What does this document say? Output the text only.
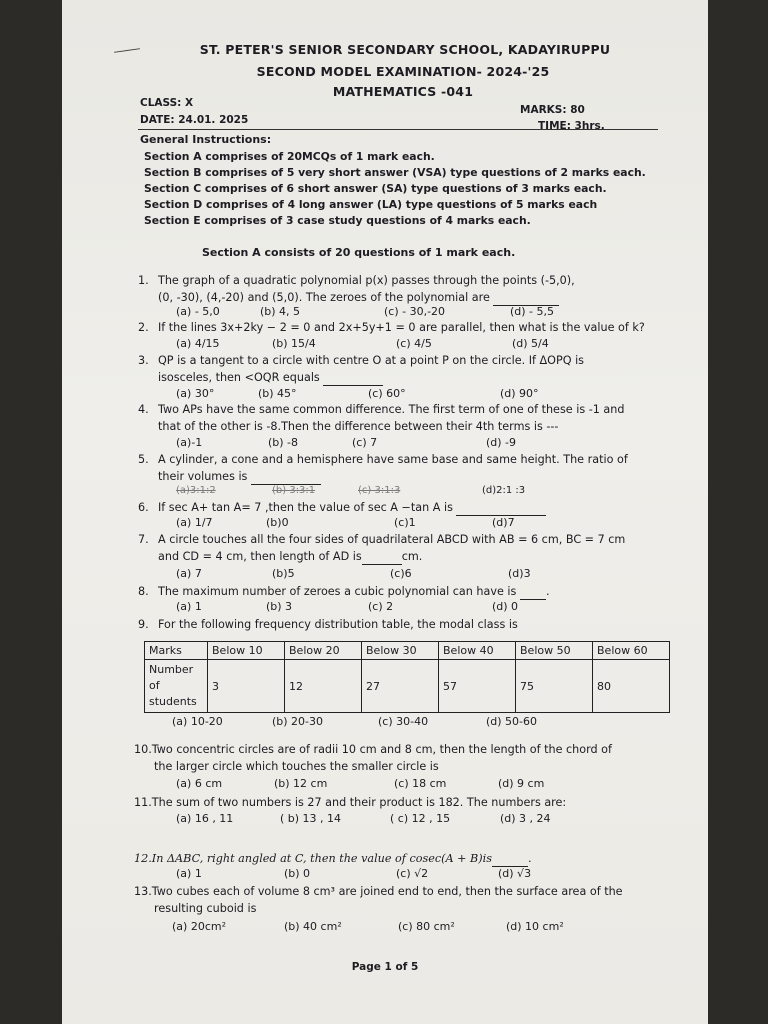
ST. PETER'S SENIOR SECONDARY SCHOOL, KADAYIRUPPU
SECOND MODEL EXAMINATION- 2024-'25
MATHEMATICS -041
CLASS: X
DATE: 24.01. 2025
MARKS: 80
TIME: 3hrs.
General Instructions:
Section A comprises of 20MCQs of 1 mark each.
Section B comprises of 5 very short answer (VSA) type questions of 2 marks each.
Section C comprises of 6 short answer (SA) type questions of 3 marks each.
Section D comprises of 4 long answer (LA) type questions of 5 marks each
Section E comprises of 3 case study questions of 4 marks each.
Section A consists of 20 questions of 1 mark each.
1. The graph of a quadratic polynomial p(x) passes through the points (-5,0),
(0, -30), (4,-20) and (5,0). The zeroes of the polynomial are
(a) - 5,0	(b) 4, 5	(c) - 30,-20	(d) - 5,5
2. If the lines 3x+2ky − 2 = 0 and 2x+5y+1 = 0 are parallel, then what is the value of k?
(a) 4/15	(b) 15/4	(c) 4/5	(d) 5/4
3. QP is a tangent to a circle with centre O at a point P on the circle. If ΔOPQ is
isosceles, then <OQR equals
(a) 30°	(b) 45°	(c) 60°	(d) 90°
4. Two APs have the same common difference. The first term of one of these is -1 and
that of the other is -8.Then the difference between their 4th terms is ---
(a)-1	(b) -8	(c) 7	(d) -9
5. A cylinder, a cone and a hemisphere have same base and same height. The ratio of
their volumes is
(a)3:1:2	(b) 3:3:1	(c) 3:1:3	(d)2:1 :3
6. If sec A+ tan A= 7 ,then the value of sec A −tan A is
(a) 1/7	(b)0	(c)1	(d)7
7. A circle touches all the four sides of quadrilateral ABCD with AB = 6 cm, BC = 7 cm
and CD = 4 cm, then length of AD is	cm.
(a) 7	(b)5	(c)6	(d)3
8. The maximum number of zeroes a cubic polynomial can have is	.
(a) 1	(b) 3	(c) 2	(d) 0
9. For the following frequency distribution table, the modal class is
Marks	Below 10	Below 20	Below 30	Below 40	Below 50	Below 60
Number
of
students	3	12	27	57	75	80
(a) 10-20	(b) 20-30	(c) 30-40	(d) 50-60
10.Two concentric circles are of radii 10 cm and 8 cm, then the length of the chord of
the larger circle which touches the smaller circle is
(a) 6 cm	(b) 12 cm	(c) 18 cm	(d) 9 cm
11.The sum of two numbers is 27 and their product is 182. The numbers are:
(a) 16 , 11	( b) 13 , 14	( c) 12 , 15	(d) 3 , 24
12.In ΔABC, right angled at C, then the value of cosec(A + B)is	.
(a) 1	(b) 0	(c) √2	(d) √3
13.Two cubes each of volume 8 cm³ are joined end to end, then the surface area of the
resulting cuboid is
(a) 20cm²	(b) 40 cm²	(c) 80 cm²	(d) 10 cm²
Page 1 of 5
